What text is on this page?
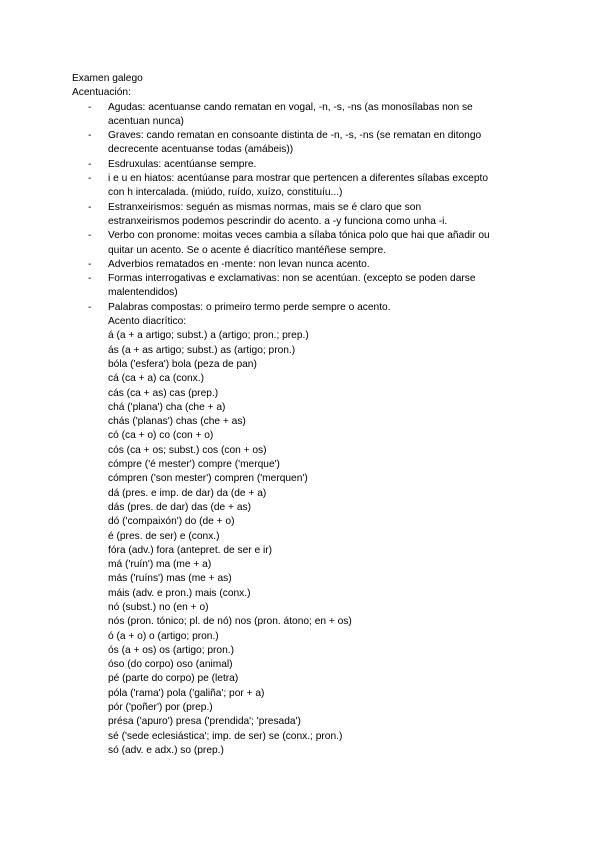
Examen galego
Acentuación:
- Agudas: acentuanse cando rematan en vogal, -n, -s, -ns (as monosílabas non se
acentuan nunca)
- Graves: cando rematan en consoante distinta de -n, -s, -ns (se rematan en ditongo
decrecente acentuanse todas (amábeis))
- Esdruxulas: acentúanse sempre.
- i e u en hiatos: acentúanse para mostrar que pertencen a diferentes sílabas excepto
con h intercalada. (miúdo, ruído, xuízo, constituíu...)
- Estranxeirismos: seguén as mismas normas, mais se é claro que son
estranxeirismos podemos pescrindir do acento. a -y funciona como unha -i.
- Verbo con pronome: moitas veces cambia a sílaba tónica polo que hai que añadir ou
quitar un acento. Se o acente é diacrítico mantéñese sempre.
- Adverbios rematados en -mente: non levan nunca acento.
- Formas interrogativas e exclamativas: non se acentúan. (excepto se poden darse
malentendidos)
- Palabras compostas: o primeiro termo perde sempre o acento.
Acento diacrítico:
á (a + a artigo; subst.) a (artigo; pron.; prep.)
ás (a + as artigo; subst.) as (artigo; pron.)
bóla ('esfera') bola (peza de pan)
cá (ca + a) ca (conx.)
cás (ca + as) cas (prep.)
chá ('plana') cha (che + a)
chás ('planas') chas (che + as)
có (ca + o) co (con + o)
cós (ca + os; subst.) cos (con + os)
cómpre ('é mester') compre ('merque')
cómpren ('son mester') compren ('merquen')
dá (pres. e imp. de dar) da (de + a)
dás (pres. de dar) das (de + as)
dó ('compaixón') do (de + o)
é (pres. de ser) e (conx.)
fóra (adv.) fora (antepret. de ser e ir)
má ('ruín') ma (me + a)
más ('ruíns') mas (me + as)
máis (adv. e pron.) mais (conx.)
nó (subst.) no (en + o)
nós (pron. tónico; pl. de nó) nos (pron. átono; en + os)
ó (a + o) o (artigo; pron.)
ós (a + os) os (artigo; pron.)
óso (do corpo) oso (animal)
pé (parte do corpo) pe (letra)
póla ('rama') pola ('galiña'; por + a)
pór ('poñer') por (prep.)
présa ('apuro') presa ('prendida'; 'presada')
sé ('sede eclesiástica'; imp. de ser) se (conx.; pron.)
só (adv. e adx.) so (prep.)
